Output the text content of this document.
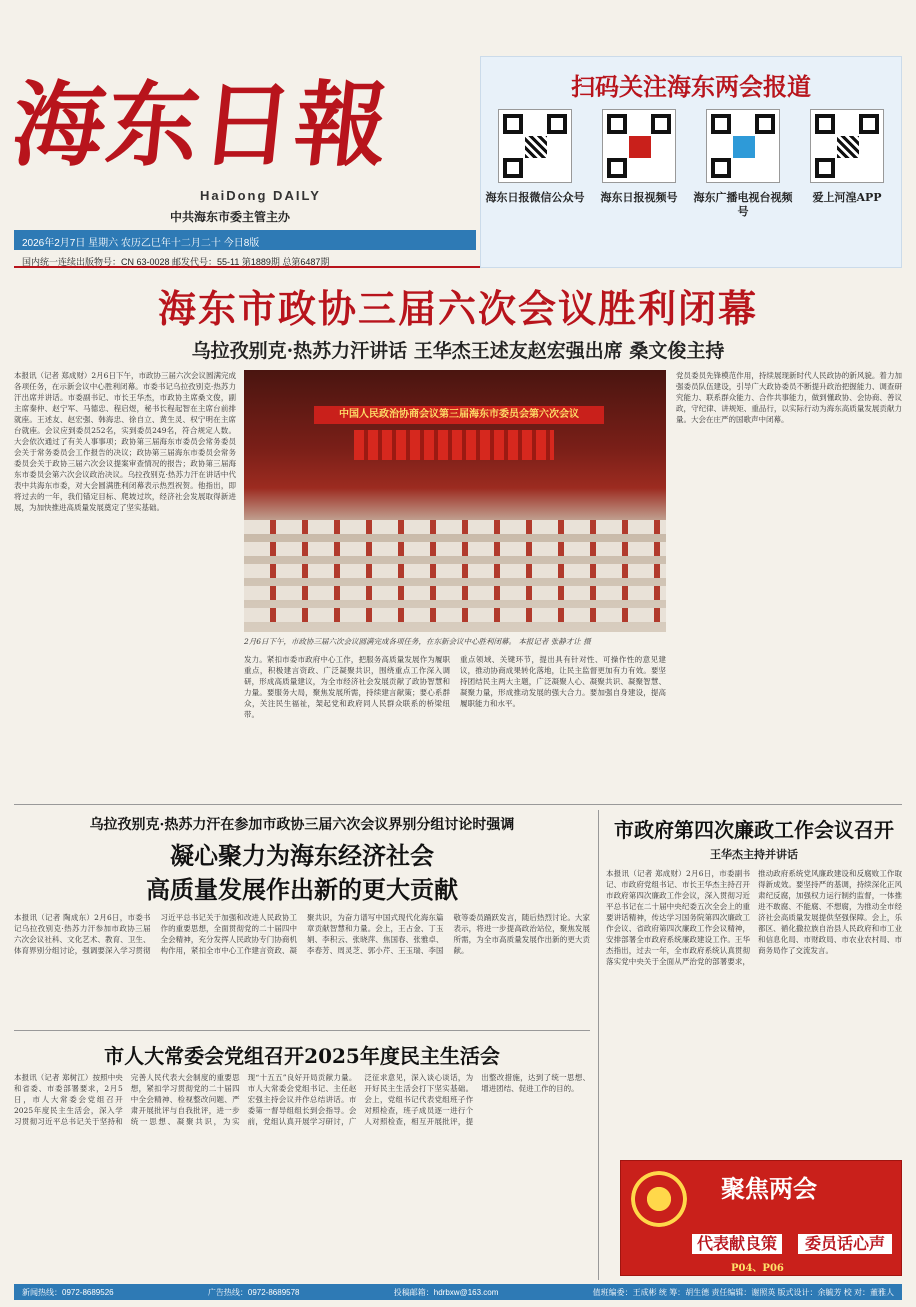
海东日報
HaiDong DAILY
中共海东市委主管主办
2026年2月7日 星期六 农历乙巳年十二月二十 今日8版
国内统一连续出版物号：CN 63-0028 邮发代号：55-11 第1889期 总第6487期
扫码关注海东两会报道
海东日报微信公众号	海东日报视频号	海东广播电视台视频号
爱上河湟APP
海东市政协三届六次会议胜利闭幕
乌拉孜别克·热苏力汗讲话 王华杰王述友赵宏强出席 桑文俊主持
本报讯（记者 郑成财）2月6日下午，市政协三届六次会议圆满完成各项任务，在示新会议中心胜利闭幕。市委书记乌拉孜别克·热苏力汗出席并讲话。市委副书记、市长王华杰，市政协主席桑文俊，副主席秦仲、赵宁军、马德忠、程启煜，秘书长程起智在主席台前排就座。王述友、赵宏强、韩海忠、徐自立、黄生灵、权宁明在主席台就座。会议应到委员252名，实到委员249名，符合规定人数。大会依次通过了有关人事事项；政协第三届海东市委员会常务委员会关于常务委员会工作报告的决议；政协第三届海东市委员会常务委员会关于政协三届六次会议提案审查情况的报告；政协第三届海东市委员会第六次会议政治决议。乌拉孜别克·热苏力汗在讲话中代表中共海东市委，对大会圆满胜利闭幕表示热烈祝贺。他指出，即将过去的一年，我们锚定目标、爬坡过坎，经济社会发展取得新进展，为加快推进高质量发展奠定了坚实基础。
中国人民政治协商会议第三届海东市委员会第六次会议
2月6日下午，市政协三届六次会议圆满完成各项任务，在东新会议中心胜利闭幕。 本报记者 张静才让 摄
发力。紧扣市委市政府中心工作，把服务高质量发展作为履职重点，积极建言资政、广泛凝聚共识，围绕重点工作深入调研，形成高质量建议，为全市经济社会发展贡献了政协智慧和力量。要服务大局，聚焦发展所需，持续建言献策；要心系群众，关注民生福祉，架起党和政府同人民群众联系的桥梁纽带。
重点领域、关键环节，提出具有针对性、可操作性的意见建议，推动协商成果转化落地，让民主监督更加有力有效。要坚持团结民主两大主题，广泛凝聚人心、凝聚共识、凝聚智慧、凝聚力量，形成推动发展的强大合力。要加强自身建设，提高履职能力和水平。
党员委员先锋模范作用，持续展现新时代人民政协的新风貌。着力加强委员队伍建设，引导广大政协委员不断提升政治把握能力、调查研究能力、联系群众能力、合作共事能力，做到懂政协、会协商、善议政，守纪律、讲规矩、重品行，以实际行动为海东高质量发展贡献力量。大会在庄严的国歌声中闭幕。
乌拉孜别克·热苏力汗在参加市政协三届六次会议界别分组讨论时强调
凝心聚力为海东经济社会
高质量发展作出新的更大贡献
本报讯（记者 陶成东）2月6日，市委书记乌拉孜别克·热苏力汗参加市政协三届六次会议社科、文化艺术、教育、卫生、体育界别分组讨论，强调要深入学习贯彻习近平总书记关于加强和改进人民政协工作的重要思想，全面贯彻党的二十届四中全会精神，充分发挥人民政协专门协商机构作用，紧扣全市中心工作建言资政、凝聚共识，为奋力谱写中国式现代化海东篇章贡献智慧和力量。会上，王占金、丁玉娟、李积云、张晓萍、焦国春、张雅卓、李春芳、周灵芝、郭小芹、王玉瑞、李国敬等委员踊跃发言，随后热烈讨论。大家表示，将进一步提高政治站位，聚焦发展所需，为全市高质量发展作出新的更大贡献。
市人大常委会党组召开2025年度民主生活会
本报讯（记者 郑树江）按照中央和省委、市委部署要求，2月5日，市人大常委会党组召开2025年度民主生活会，深入学习贯彻习近平总书记关于坚持和完善人民代表大会制度的重要思想，紧扣学习贯彻党的二十届四中全会精神、检视整改问题、严肃开展批评与自我批评，进一步统一思想、凝聚共识，为实现“十五五”良好开局贡献力量。市人大常委会党组书记、主任赵宏强主持会议并作总结讲话。市委第一督导组组长到会指导。会前，党组认真开展学习研讨，广泛征求意见，深入谈心谈话，为开好民主生活会打下坚实基础。会上，党组书记代表党组班子作对照检查，班子成员逐一进行个人对照检查，相互开展批评，提出整改措施，达到了统一思想、增进团结、促进工作的目的。
市政府第四次廉政工作会议召开
王华杰主持并讲话
本报讯（记者 郑成财）2月6日，市委副书记、市政府党组书记、市长王华杰主持召开市政府第四次廉政工作会议，深入贯彻习近平总书记在二十届中央纪委五次全会上的重要讲话精神，传达学习国务院第四次廉政工作会议、省政府第四次廉政工作会议精神，安排部署全市政府系统廉政建设工作。王华杰指出，过去一年，全市政府系统认真贯彻落实党中央关于全面从严治党的部署要求，推动政府系统党风廉政建设和反腐败工作取得新成效。要坚持严的基调，持续深化正风肃纪反腐，加强权力运行制约监督，一体推进不敢腐、不能腐、不想腐，为推动全市经济社会高质量发展提供坚强保障。会上，乐都区、循化撒拉族自治县人民政府和市工业和信息化局、市财政局、市农业农村局、市商务局作了交流发言。
聚焦两会
代表献良策	委员话心声
P04、P06
新闻热线：0972-8689526	广告热线：0972-8689578	投稿邮箱：hdrbxw@163.com	值班编委：王成彬 统 筹：胡生德 责任编辑：谢照英 版式设计：余毓芳 校 对：董雅人
